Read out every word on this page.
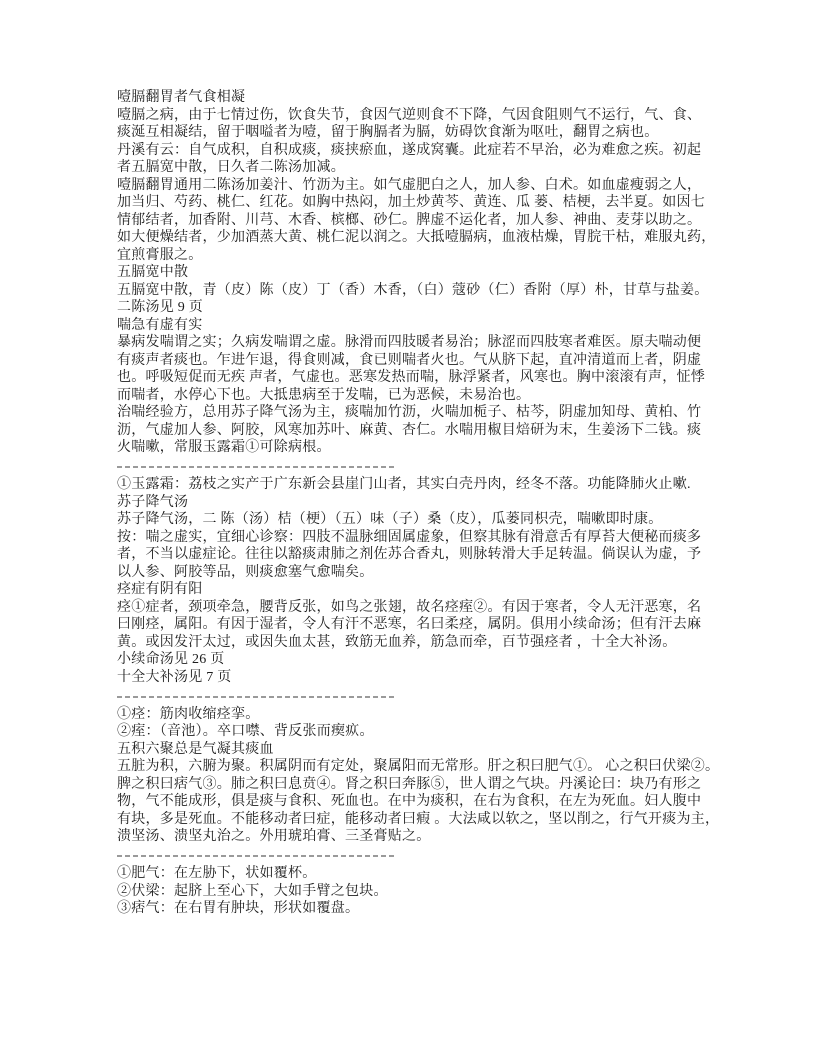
噎膈翻胃者气食相凝
噎膈之病，由于七情过伤，饮食失节，食因气逆则食不下降，气因食阻则气不运行，气、食、
痰涎互相凝结，留于咽嗌者为噎，留于胸膈者为膈，妨碍饮食渐为呕吐，翻胃之病也。
丹溪有云：自气成积，自积成痰，痰挟瘀血，遂成窝囊。此症若不早治，必为难愈之疾。初起
者五膈宽中散，日久者二陈汤加减。
噎膈翻胃通用二陈汤加姜汁、竹沥为主。如气虚肥白之人，加人参、白术。如血虚瘦弱之人，
加当归、芍药、桃仁、红花。如胸中热闷，加土炒黄芩、黄连、瓜 蒌、桔梗，去半夏。如因七
情郁结者，加香附、川芎、木香、槟榔、砂仁。脾虚不运化者，加人参、神曲、麦芽以助之。
如大便燥结者，少加酒蒸大黄、桃仁泥以润之。大抵噎膈病，血液枯燥，胃脘干枯，难服丸药，
宜煎膏服之。
五膈宽中散
五膈宽中散，青（皮）陈（皮）丁（香）木香，（白）蔻砂（仁）香附（厚）朴，甘草与盐姜。
二陈汤见 9 页
喘急有虚有实
暴病发喘谓之实；久病发喘谓之虚。脉滑而四肢暖者易治；脉涩而四肢寒者难医。原夫喘动便
有痰声者痰也。乍进乍退，得食则减，食已则喘者火也。气从脐下起，直冲清道而上者，阴虚
也。呼吸短促而无疾 声者，气虚也。恶寒发热而喘，脉浮紧者，风寒也。胸中滚滚有声，怔悸
而喘者，水停心下也。大抵患病至于发喘，已为恶候，未易治也。
治喘经验方，总用苏子降气汤为主，痰喘加竹沥，火喘加栀子、枯芩，阴虚加知母、黄柏、竹
沥，气虚加人参、阿胶，风寒加苏叶、麻黄、杏仁。水喘用椒目焙研为末，生姜汤下二钱。痰
火喘嗽，常服玉露霜①可除病根。
①玉露霜：荔枝之实产于广东新会县崖门山者，其实白壳丹肉，经冬不落。功能降肺火止嗽.
苏子降气汤
苏子降气汤，二 陈（汤）桔（梗）（五）味（子）桑（皮），瓜蒌同枳壳，喘嗽即时康。
按：喘之虚实，宜细心诊察：四肢不温脉细固属虚象，但察其脉有滑意舌有厚苔大便秘而痰多
者，不当以虚症论。往往以豁痰肃肺之剂佐苏合香丸，则脉转滑大手足转温。倘误认为虚，予
以人参、阿胶等品，则痰愈塞气愈喘矣。
痉症有阴有阳
痉①症者，颈项牵急，腰背反张，如鸟之张翅，故名痉痓②。有因于寒者，令人无汗恶寒，名
曰刚痉，属阳。有因于湿者，令人有汗不恶寒，名曰柔痉，属阴。俱用小续命汤；但有汗去麻
黄。或因发汗太过，或因失血太甚，致筋无血养，筋急而牵，百节强痉者 ，十全大补汤。
小续命汤见 26 页
十全大补汤见 7 页
①痉：筋肉收缩痉挛。
②痓：（音池）。卒口噤、背反张而瘈疭。
五积六聚总是气凝其痰血
五脏为积，六腑为聚。积属阴而有定处，聚属阳而无常形。肝之积曰肥气①。 心之积曰伏梁②。
脾之积曰痞气③。肺之积曰息贲④。肾之积曰奔豚⑤，世人谓之气块。丹溪论曰：块乃有形之
物，气不能成形，俱是痰与食积、死血也。在中为痰积，在右为食积，在左为死血。妇人腹中
有块，多是死血。不能移动者曰症，能移动者曰瘕 。大法咸以软之，坚以削之，行气开痰为主，
溃坚汤、溃坚丸治之。外用琥珀膏、三圣膏贴之。
①肥气：在左胁下，状如覆杯。
②伏梁：起脐上至心下，大如手臂之包块。
③痞气：在右胃有肿块，形状如覆盘。
